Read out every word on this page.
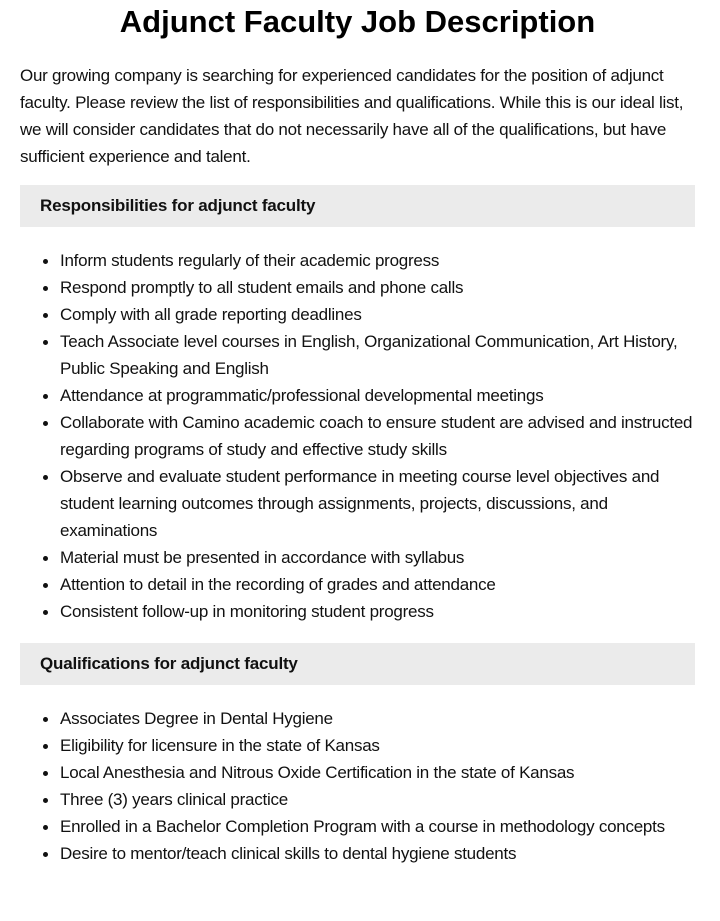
Adjunct Faculty Job Description

Our growing company is searching for experienced candidates for the position of adjunct faculty. Please review the list of responsibilities and qualifications. While this is our ideal list, we will consider candidates that do not necessarily have all of the qualifications, but have sufficient experience and talent.

Responsibilities for adjunct faculty
Inform students regularly of their academic progress
Respond promptly to all student emails and phone calls
Comply with all grade reporting deadlines
Teach Associate level courses in English, Organizational Communication, Art History, Public Speaking and English
Attendance at programmatic/professional developmental meetings
Collaborate with Camino academic coach to ensure student are advised and instructed regarding programs of study and effective study skills
Observe and evaluate student performance in meeting course level objectives and student learning outcomes through assignments, projects, discussions, and examinations
Material must be presented in accordance with syllabus
Attention to detail in the recording of grades and attendance
Consistent follow-up in monitoring student progress
Qualifications for adjunct faculty
Associates Degree in Dental Hygiene
Eligibility for licensure in the state of Kansas
Local Anesthesia and Nitrous Oxide Certification in the state of Kansas
Three (3) years clinical practice
Enrolled in a Bachelor Completion Program with a course in methodology concepts
Desire to mentor/teach clinical skills to dental hygiene students
